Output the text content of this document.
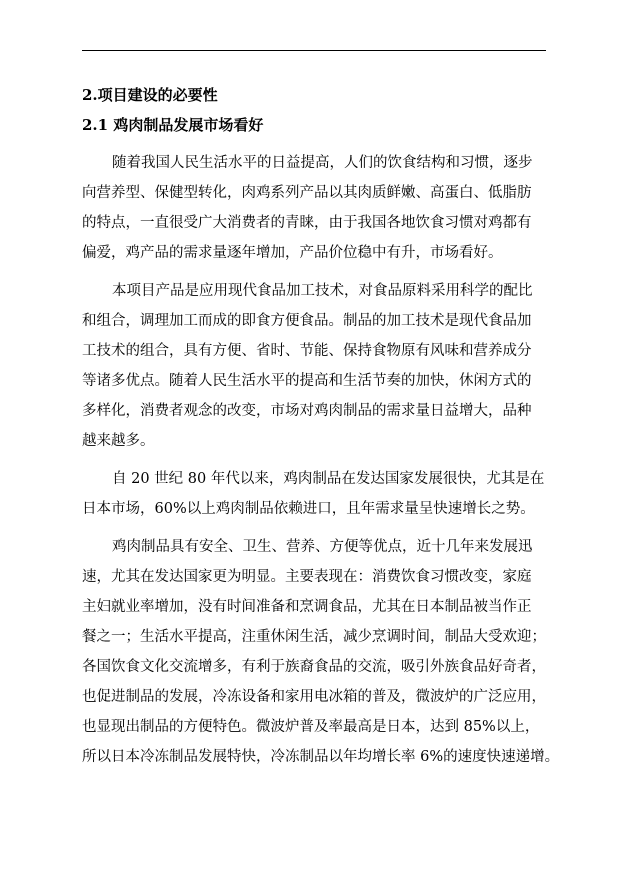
2.项目建设的必要性
2.1 鸡肉制品发展市场看好
随着我国人民生活水平的日益提高，人们的饮食结构和习惯，逐步
向营养型、保健型转化，肉鸡系列产品以其肉质鲜嫩、高蛋白、低脂肪
的特点，一直很受广大消费者的青睐，由于我国各地饮食习惯对鸡都有
偏爱，鸡产品的需求量逐年增加，产品价位稳中有升，市场看好。
本项目产品是应用现代食品加工技术，对食品原料采用科学的配比
和组合，调理加工而成的即食方便食品。制品的加工技术是现代食品加
工技术的组合，具有方便、省时、节能、保持食物原有风味和营养成分
等诸多优点。随着人民生活水平的提高和生活节奏的加快，休闲方式的
多样化，消费者观念的改变，市场对鸡肉制品的需求量日益增大，品种
越来越多。
自 20 世纪 80 年代以来，鸡肉制品在发达国家发展很快，尤其是在
日本市场，60%以上鸡肉制品依赖进口，且年需求量呈快速增长之势。
鸡肉制品具有安全、卫生、营养、方便等优点，近十几年来发展迅
速，尤其在发达国家更为明显。主要表现在：消费饮食习惯改变，家庭
主妇就业率增加，没有时间准备和烹调食品，尤其在日本制品被当作正
餐之一；生活水平提高，注重休闲生活，减少烹调时间，制品大受欢迎；
各国饮食文化交流增多，有利于族裔食品的交流，吸引外族食品好奇者，
也促进制品的发展，冷冻设备和家用电冰箱的普及，微波炉的广泛应用，
也显现出制品的方便特色。微波炉普及率最高是日本，达到 85%以上，
所以日本冷冻制品发展特快，冷冻制品以年均增长率 6%的速度快速递增。
